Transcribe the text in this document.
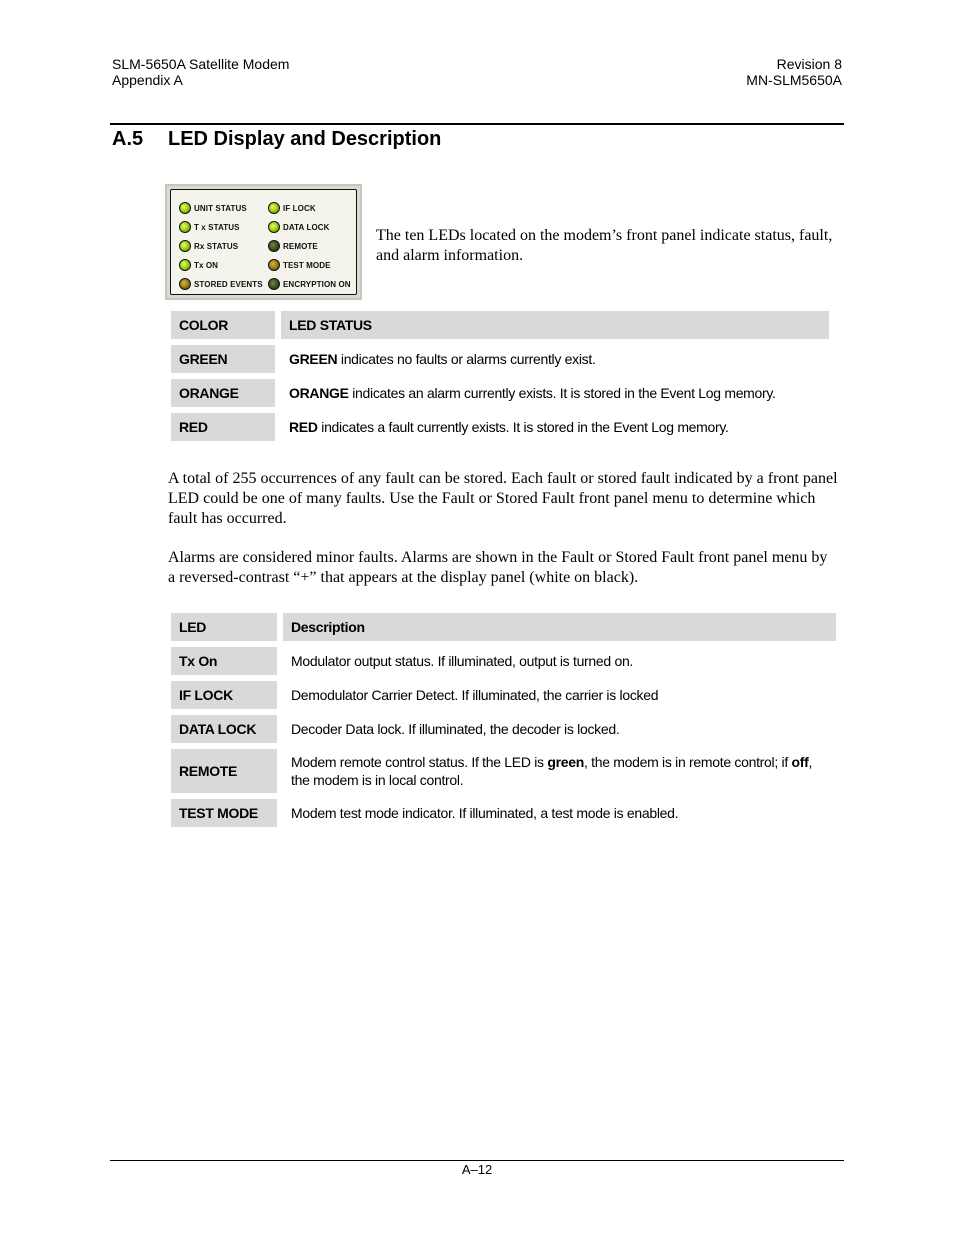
SLM-5650A Satellite Modem
Appendix A
Revision 8
MN-SLM5650A
A.5 LED Display and Description
UNIT STATUS
T x STATUS
Rx STATUS
Tx ON
STORED EVENTS
IF LOCK
DATA LOCK
REMOTE
TEST MODE
ENCRYPTION ON
The ten LEDs located on the modem’s front panel indicate status, fault, and alarm information.
COLOR	LED STATUS
GREEN	GREEN indicates no faults or alarms currently exist.
ORANGE	ORANGE indicates an alarm currently exists. It is stored in the Event Log memory.
RED	RED indicates a fault currently exists. It is stored in the Event Log memory.
A total of 255 occurrences of any fault can be stored. Each fault or stored fault indicated by a front panel LED could be one of many faults. Use the Fault or Stored Fault front panel menu to determine which fault has occurred.
Alarms are considered minor faults. Alarms are shown in the Fault or Stored Fault front panel menu by a reversed-contrast “+” that appears at the display panel (white on black).
LED	Description
Tx On	Modulator output status. If illuminated, output is turned on.
IF LOCK	Demodulator Carrier Detect. If illuminated, the carrier is locked
DATA LOCK	Decoder Data lock. If illuminated, the decoder is locked.
REMOTE	Modem remote control status. If the LED is green, the modem is in remote control; if off, the modem is in local control.
TEST MODE	Modem test mode indicator. If illuminated, a test mode is enabled.
A–12
